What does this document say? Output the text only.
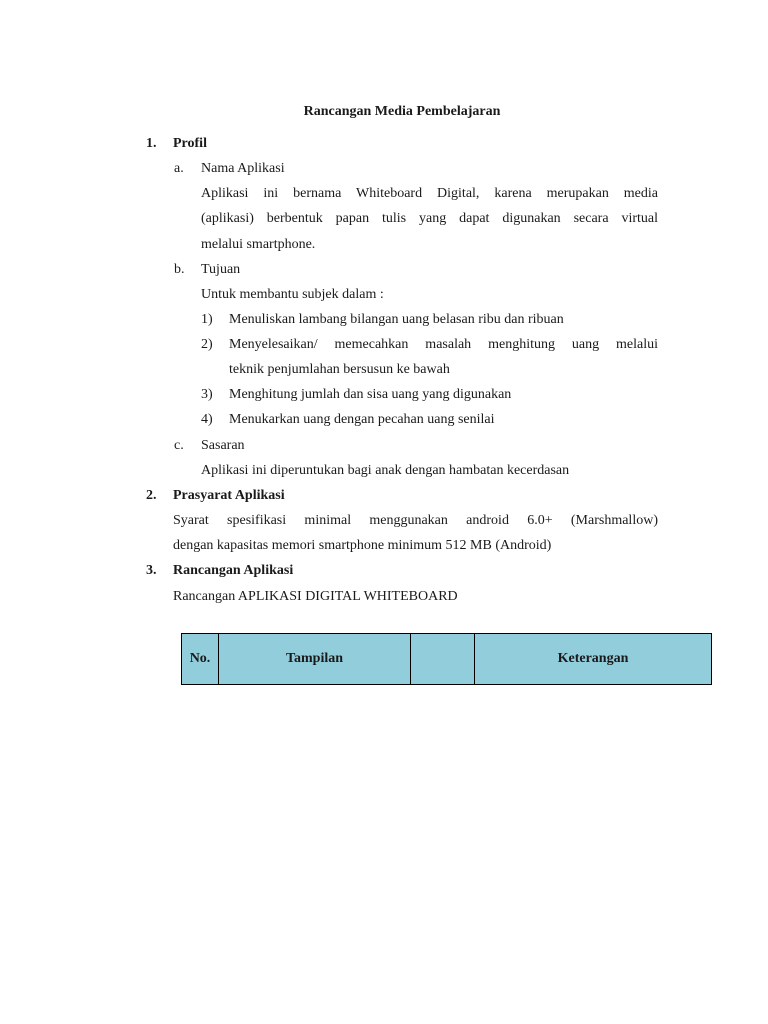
Rancangan Media Pembelajaran
1. Profil
a. Nama Aplikasi
Aplikasi ini bernama Whiteboard Digital, karena merupakan media
(aplikasi) berbentuk papan tulis yang dapat digunakan secara virtual
melalui smartphone.
b. Tujuan
Untuk membantu subjek dalam :
1) Menuliskan lambang bilangan uang belasan ribu dan ribuan
2) Menyelesaikan/ memecahkan masalah menghitung uang melalui
teknik penjumlahan bersusun ke bawah
3) Menghitung jumlah dan sisa uang yang digunakan
4) Menukarkan uang dengan pecahan uang senilai
c. Sasaran
Aplikasi ini diperuntukan bagi anak dengan hambatan kecerdasan
2. Prasyarat Aplikasi
Syarat spesifikasi minimal menggunakan android 6.0+ (Marshmallow)
dengan kapasitas memori smartphone minimum 512 MB (Android)
3. Rancangan Aplikasi
Rancangan APLIKASI DIGITAL WHITEBOARD
No.	Tampilan		Keterangan
